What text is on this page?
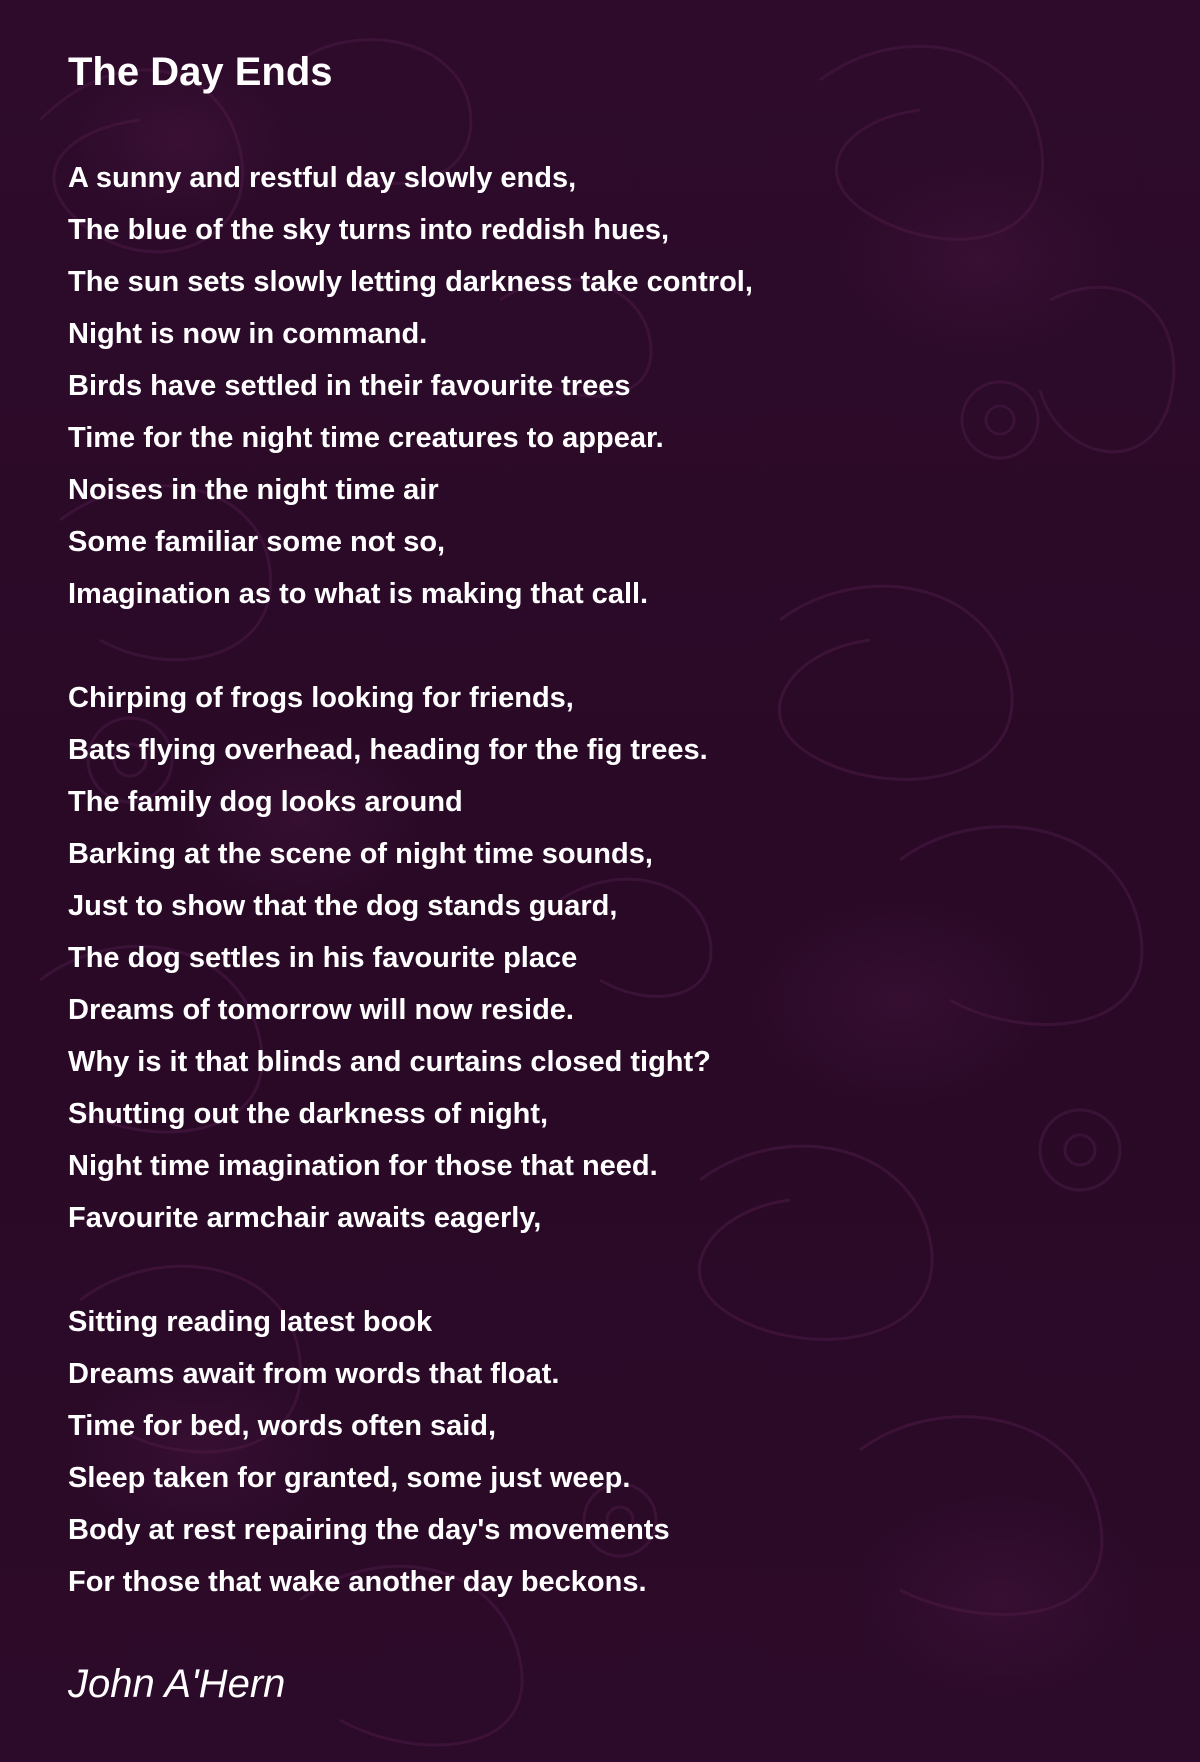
The Day Ends
A sunny and restful day slowly ends,
The blue of the sky turns into reddish hues,
The sun sets slowly letting darkness take control,
Night is now in command.
Birds have settled in their favourite trees
Time for the night time creatures to appear.
Noises in the night time air
Some familiar some not so,
Imagination as to what is making that call.
Chirping of frogs looking for friends,
Bats flying overhead, heading for the fig trees.
The family dog looks around
Barking at the scene of night time sounds,
Just to show that the dog stands guard,
The dog settles in his favourite place
Dreams of tomorrow will now reside.
Why is it that blinds and curtains closed tight?
Shutting out the darkness of night,
Night time imagination for those that need.
Favourite armchair awaits eagerly,
Sitting reading latest book
Dreams await from words that float.
Time for bed, words often said,
Sleep taken for granted, some just weep.
Body at rest repairing the day's movements
For those that wake another day beckons.
John A'Hern
